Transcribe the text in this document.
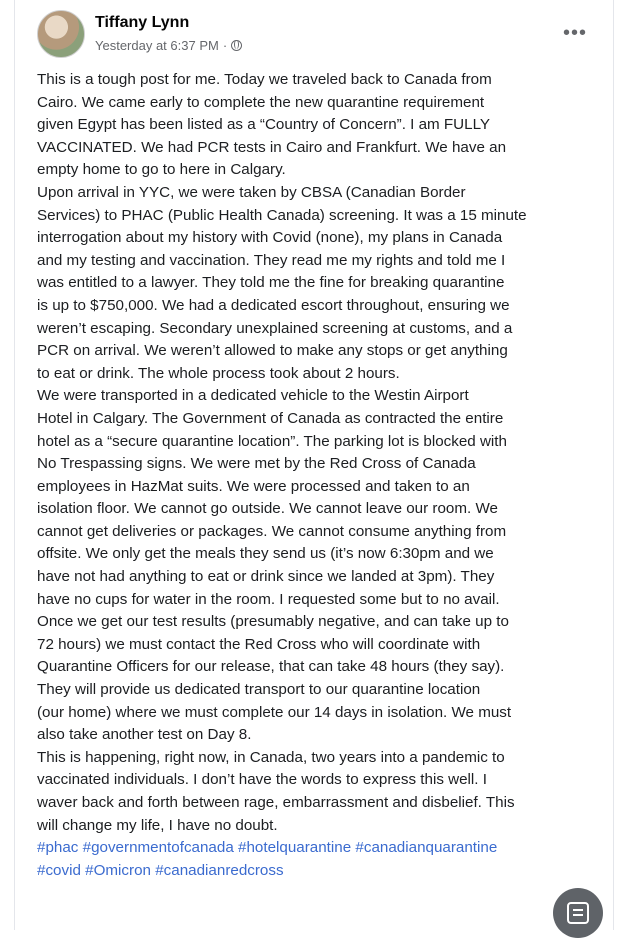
Tiffany Lynn
Yesterday at 6:37 PM ·
•••
This is a tough post for me. Today we traveled back to Canada from
Cairo. We came early to complete the new quarantine requirement
given Egypt has been listed as a “Country of Concern”. I am FULLY
VACCINATED. We had PCR tests in Cairo and Frankfurt. We have an
empty home to go to here in Calgary.
Upon arrival in YYC, we were taken by CBSA (Canadian Border
Services) to PHAC (Public Health Canada) screening. It was a 15 minute
interrogation about my history with Covid (none), my plans in Canada
and my testing and vaccination. They read me my rights and told me I
was entitled to a lawyer. They told me the fine for breaking quarantine
is up to $750,000. We had a dedicated escort throughout, ensuring we
weren’t escaping. Secondary unexplained screening at customs, and a
PCR on arrival. We weren’t allowed to make any stops or get anything
to eat or drink. The whole process took about 2 hours.
We were transported in a dedicated vehicle to the Westin Airport
Hotel in Calgary. The Government of Canada as contracted the entire
hotel as a “secure quarantine location”. The parking lot is blocked with
No Trespassing signs. We were met by the Red Cross of Canada
employees in HazMat suits. We were processed and taken to an
isolation floor. We cannot go outside. We cannot leave our room. We
cannot get deliveries or packages. We cannot consume anything from
offsite. We only get the meals they send us (it’s now 6:30pm and we
have not had anything to eat or drink since we landed at 3pm). They
have no cups for water in the room. I requested some but to no avail.
Once we get our test results (presumably negative, and can take up to
72 hours) we must contact the Red Cross who will coordinate with
Quarantine Officers for our release, that can take 48 hours (they say).
They will provide us dedicated transport to our quarantine location
(our home) where we must complete our 14 days in isolation. We must
also take another test on Day 8.
This is happening, right now, in Canada, two years into a pandemic to
vaccinated individuals. I don’t have the words to express this well. I
waver back and forth between rage, embarrassment and disbelief. This
will change my life, I have no doubt.
#phac #governmentofcanada #hotelquarantine #canadianquarantine
#covid #Omicron #canadianredcross
